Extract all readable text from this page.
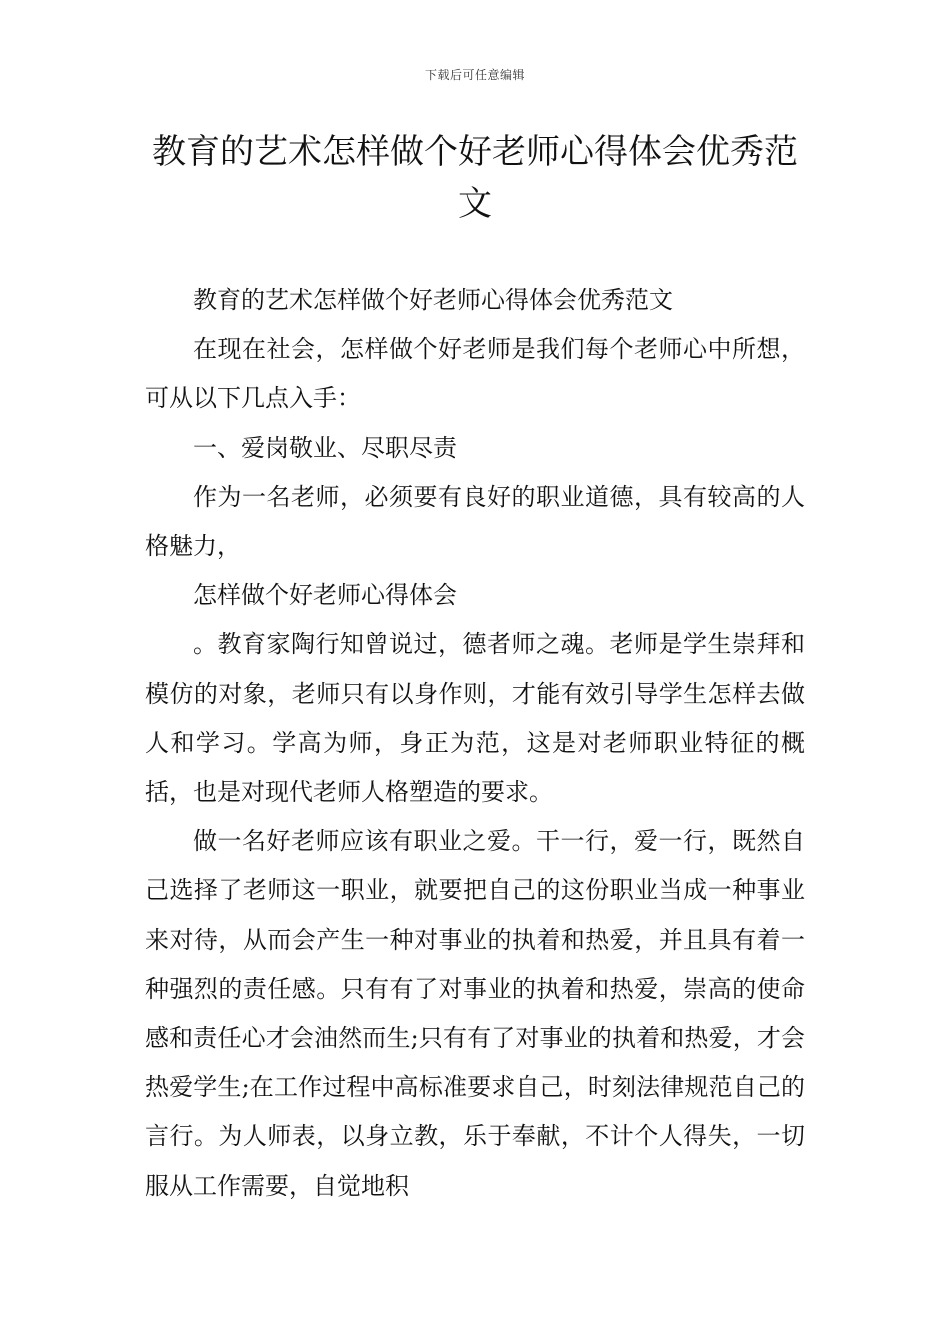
下载后可任意编辑
教育的艺术怎样做个好老师心得体会优秀范文

教育的艺术怎样做个好老师心得体会优秀范文

在现在社会，怎样做个好老师是我们每个老师心中所想，可从以下几点入手：

一、爱岗敬业、尽职尽责

作为一名老师，必须要有良好的职业道德，具有较高的人格魅力，

怎样做个好老师心得体会

。教育家陶行知曾说过，德者师之魂。老师是学生崇拜和模仿的对象，老师只有以身作则，才能有效引导学生怎样去做人和学习。学高为师，身正为范，这是对老师职业特征的概括，也是对现代老师人格塑造的要求。

做一名好老师应该有职业之爱。干一行，爱一行，既然自己选择了老师这一职业，就要把自己的这份职业当成一种事业来对待，从而会产生一种对事业的执着和热爱，并且具有着一种强烈的责任感。只有有了对事业的执着和热爱，崇高的使命感和责任心才会油然而生;只有有了对事业的执着和热爱，才会热爱学生;在工作过程中高标准要求自己，时刻法律规范自己的言行。为人师表，以身立教，乐于奉献，不计个人得失，一切服从工作需要，自觉地积
